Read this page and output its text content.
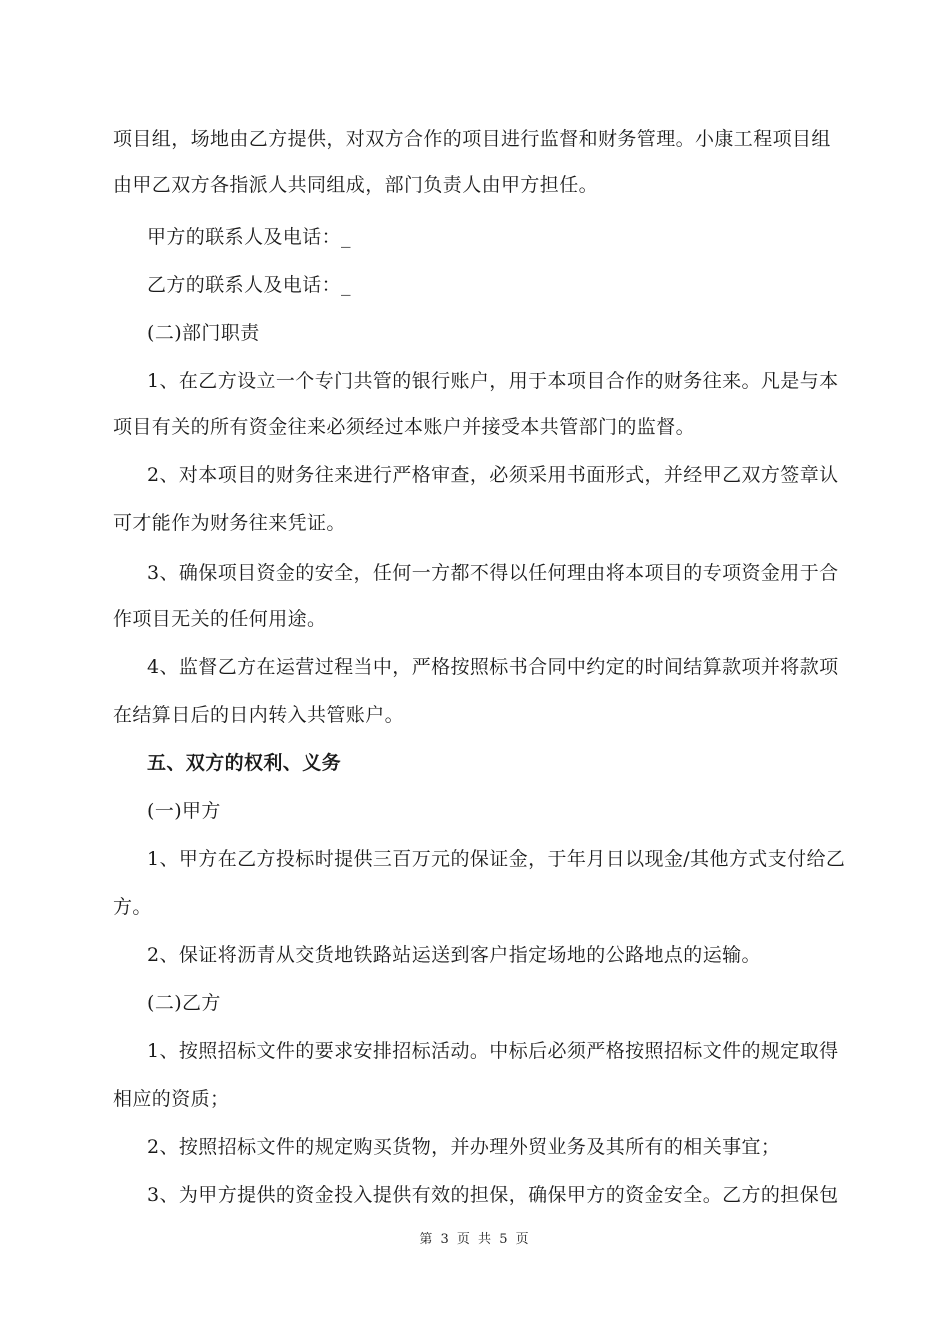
项目组，场地由乙方提供，对双方合作的项目进行监督和财务管理。小康工程项目组
由甲乙双方各指派人共同组成，部门负责人由甲方担任。
甲方的联系人及电话：_
乙方的联系人及电话：_
(二)部门职责
1、在乙方设立一个专门共管的银行账户，用于本项目合作的财务往来。凡是与本
项目有关的所有资金往来必须经过本账户并接受本共管部门的监督。
2、对本项目的财务往来进行严格审查，必须采用书面形式，并经甲乙双方签章认
可才能作为财务往来凭证。
3、确保项目资金的安全，任何一方都不得以任何理由将本项目的专项资金用于合
作项目无关的任何用途。
4、监督乙方在运营过程当中，严格按照标书合同中约定的时间结算款项并将款项
在结算日后的日内转入共管账户。
五、双方的权利、义务
(一)甲方
1、甲方在乙方投标时提供三百万元的保证金，于年月日以现金/其他方式支付给乙
方。
2、保证将沥青从交货地铁路站运送到客户指定场地的公路地点的运输。
(二)乙方
1、按照招标文件的要求安排招标活动。中标后必须严格按照招标文件的规定取得
相应的资质；
2、按照招标文件的规定购买货物，并办理外贸业务及其所有的相关事宜；
3、为甲方提供的资金投入提供有效的担保，确保甲方的资金安全。乙方的担保包
第 3 页 共 5 页
